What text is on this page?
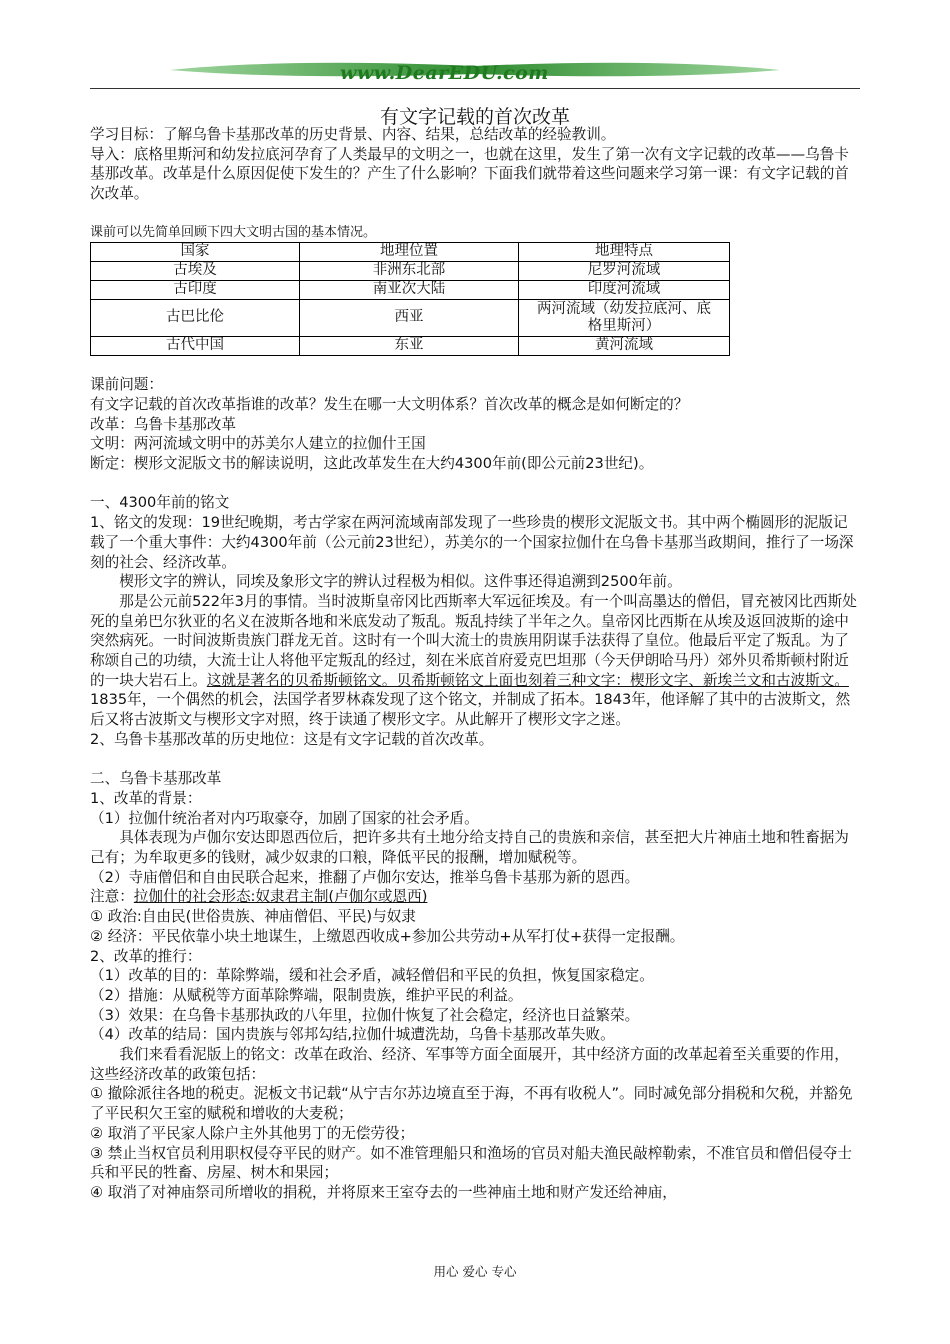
www.DearEDU.com
有文字记载的首次改革

学习目标：了解乌鲁卡基那改革的历史背景、内容、结果，总结改革的经验教训。

导入：底格里斯河和幼发拉底河孕育了人类最早的文明之一，也就在这里，发生了第一次有文字记载的改革——乌鲁卡基那改革。改革是什么原因促使下发生的？产生了什么影响？下面我们就带着这些问题来学习第一课：有文字记载的首次改革。

课前可以先简单回顾下四大文明古国的基本情况。

国家	地理位置	地理特点
古埃及	非洲东北部	尼罗河流域
古印度	南亚次大陆	印度河流域
古巴比伦	西亚	两河流域（幼发拉底河、底格里斯河）
古代中国	东亚	黄河流域

课前问题：

有文字记载的首次改革指谁的改革？发生在哪一大文明体系？首次改革的概念是如何断定的？

改革：乌鲁卡基那改革

文明：两河流域文明中的苏美尔人建立的拉伽什王国

断定：楔形文泥版文书的解读说明，这此改革发生在大约4300年前(即公元前23世纪)。

一、4300年前的铭文

1、铭文的发现：19世纪晚期，考古学家在两河流域南部发现了一些珍贵的楔形文泥版文书。其中两个椭圆形的泥版记载了一个重大事件：大约4300年前（公元前23世纪），苏美尔的一个国家拉伽什在乌鲁卡基那当政期间，推行了一场深刻的社会、经济改革。

楔形文字的辨认，同埃及象形文字的辨认过程极为相似。这件事还得追溯到2500年前。

那是公元前522年3月的事情。当时波斯皇帝冈比西斯率大军远征埃及。有一个叫高墨达的僧侣，冒充被冈比西斯处死的皇弟巴尔狄亚的名义在波斯各地和米底发动了叛乱。叛乱持续了半年之久。皇帝冈比西斯在从埃及返回波斯的途中突然病死。一时间波斯贵族门群龙无首。这时有一个叫大流士的贵族用阴谋手法获得了皇位。他最后平定了叛乱。为了称颂自己的功绩，大流士让人将他平定叛乱的经过，刻在米底首府爱克巴坦那（今天伊朗哈马丹）郊外贝希斯顿村附近的一块大岩石上。这就是著名的贝希斯顿铭文。贝希斯顿铭文上面也刻着三种文字：楔形文字、新埃兰文和古波斯文。1835年，一个偶然的机会，法国学者罗林森发现了这个铭文，并制成了拓本。1843年，他译解了其中的古波斯文，然后又将古波斯文与楔形文字对照，终于读通了楔形文字。从此解开了楔形文字之迷。

2、乌鲁卡基那改革的历史地位：这是有文字记载的首次改革。

二、乌鲁卡基那改革

1、改革的背景：

（1）拉伽什统治者对内巧取豪夺，加剧了国家的社会矛盾。

具体表现为卢伽尔安达即恩西位后，把许多共有土地分给支持自己的贵族和亲信，甚至把大片神庙土地和牲畜据为己有；为牟取更多的钱财，减少奴隶的口粮，降低平民的报酬，增加赋税等。

（2）寺庙僧侣和自由民联合起来，推翻了卢伽尔安达，推举乌鲁卡基那为新的恩西。

注意：拉伽什的社会形态:奴隶君主制(卢伽尔或恩西)

① 政治:自由民(世俗贵族、神庙僧侣、平民)与奴隶

② 经济：平民依靠小块土地谋生，上缴恩西收成+参加公共劳动+从军打仗+获得一定报酬。

2、改革的推行：

（1）改革的目的：革除弊端，缓和社会矛盾，减轻僧侣和平民的负担，恢复国家稳定。

（2）措施：从赋税等方面革除弊端，限制贵族，维护平民的利益。

（3）效果：在乌鲁卡基那执政的八年里，拉伽什恢复了社会稳定，经济也日益繁荣。

（4）改革的结局：国内贵族与邻邦勾结,拉伽什城遭洗劫，乌鲁卡基那改革失败。

我们来看看泥版上的铭文：改革在政治、经济、军事等方面全面展开，其中经济方面的改革起着至关重要的作用，这些经济改革的政策包括：

① 撤除派往各地的税吏。泥板文书记载“从宁吉尔苏边境直至于海，不再有收税人”。同时减免部分捐税和欠税，并豁免了平民积欠王室的赋税和增收的大麦税；

② 取消了平民家人除户主外其他男丁的无偿劳役；

③ 禁止当权官员利用职权侵夺平民的财产。如不准管理船只和渔场的官员对船夫渔民敲榨勒索，不准官员和僧侣侵夺士兵和平民的牲畜、房屋、树木和果园；

④ 取消了对神庙祭司所增收的捐税，并将原来王室夺去的一些神庙土地和财产发还给神庙，

用心 爱心 专心
